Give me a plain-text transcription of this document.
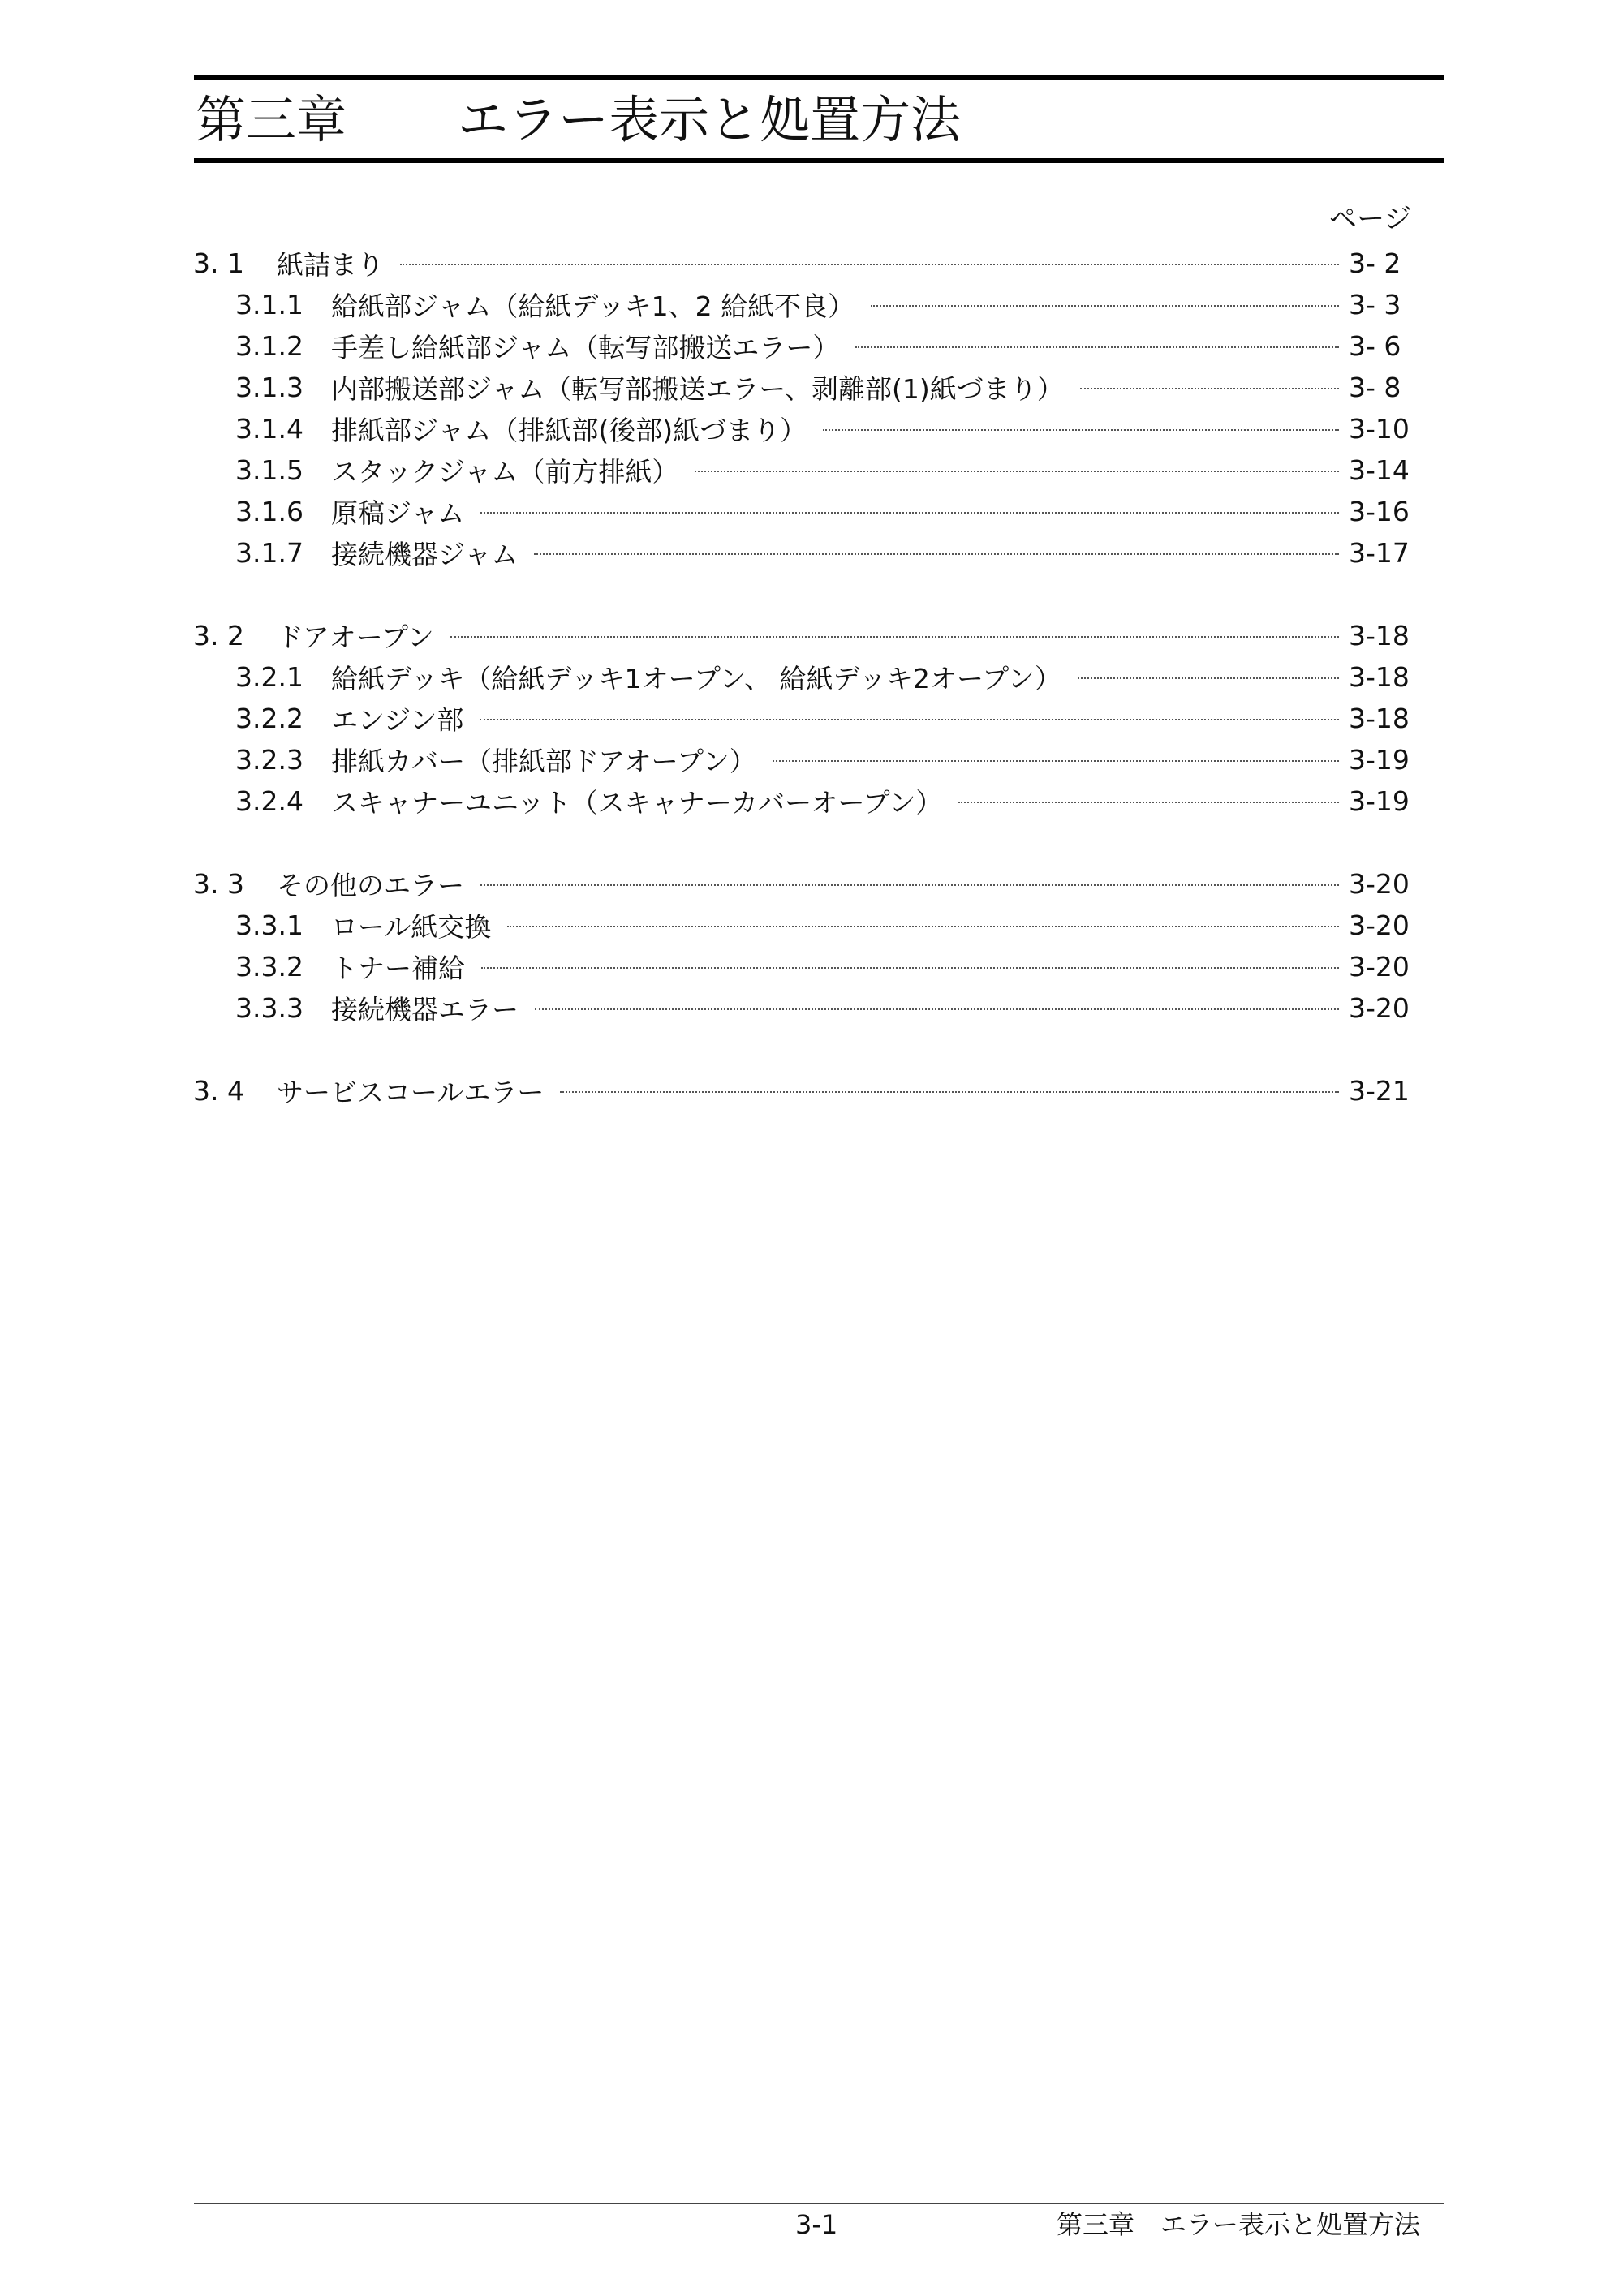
第三章 エラー表示と処置方法
ページ
3. 1	紙詰まり	3- 2
3.1.1	給紙部ジャム（給紙デッキ1、2 給紙不良）	3- 3
3.1.2	手差し給紙部ジャム（転写部搬送エラー）	3- 6
3.1.3	内部搬送部ジャム（転写部搬送エラー、剥離部(1)紙づまり）	3- 8
3.1.4	排紙部ジャム（排紙部(後部)紙づまり）	3-10
3.1.5	スタックジャム（前方排紙）	3-14
3.1.6	原稿ジャム	3-16
3.1.7	接続機器ジャム	3-17
3. 2	ドアオープン	3-18
3.2.1	給紙デッキ（給紙デッキ1オープン、 給紙デッキ2オープン）	3-18
3.2.2	エンジン部	3-18
3.2.3	排紙カバー（排紙部ドアオープン）	3-19
3.2.4	スキャナーユニット（スキャナーカバーオープン）	3-19
3. 3	その他のエラー	3-20
3.3.1	ロール紙交換	3-20
3.3.2	トナー補給	3-20
3.3.3	接続機器エラー	3-20
3. 4	サービスコールエラー	3-21
3-1	第三章　エラー表示と処置方法
